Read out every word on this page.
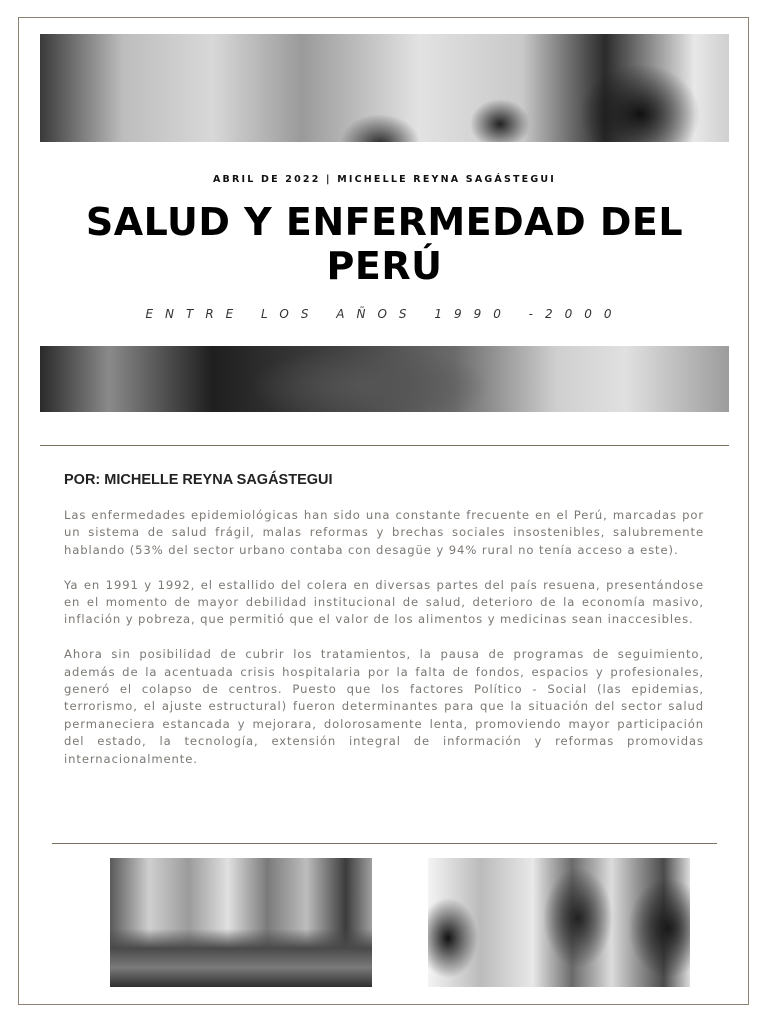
ABRIL DE 2022 | MICHELLE REYNA SAGÁSTEGUI
SALUD Y ENFERMEDAD DEL PERÚ
ENTRE LOS AÑOS 1990 -2000
POR: MICHELLE REYNA SAGÁSTEGUI

Las enfermedades epidemiológicas han sido una constante frecuente en el Perú, marcadas por un sistema de salud frágil, malas reformas y brechas sociales insostenibles, salubremente hablando (53% del sector urbano contaba con desagüe y 94% rural no tenía acceso a este).

Ya en 1991 y 1992, el estallido del colera en diversas partes del país resuena, presentándose en el momento de mayor debilidad institucional de salud, deterioro de la economía masivo, inflación y pobreza, que permitió que el valor de los alimentos y medicinas sean inaccesibles.

Ahora sin posibilidad de cubrir los tratamientos, la pausa de programas de seguimiento, además de la acentuada crisis hospitalaria por la falta de fondos, espacios y profesionales, generó el colapso de centros. Puesto que los factores Político - Social (las epidemias, terrorismo, el ajuste estructural) fueron determinantes para que la situación del sector salud permaneciera estancada y mejorara, dolorosamente lenta, promoviendo mayor participación del estado, la tecnología, extensión integral de información y reformas promovidas internacionalmente.
